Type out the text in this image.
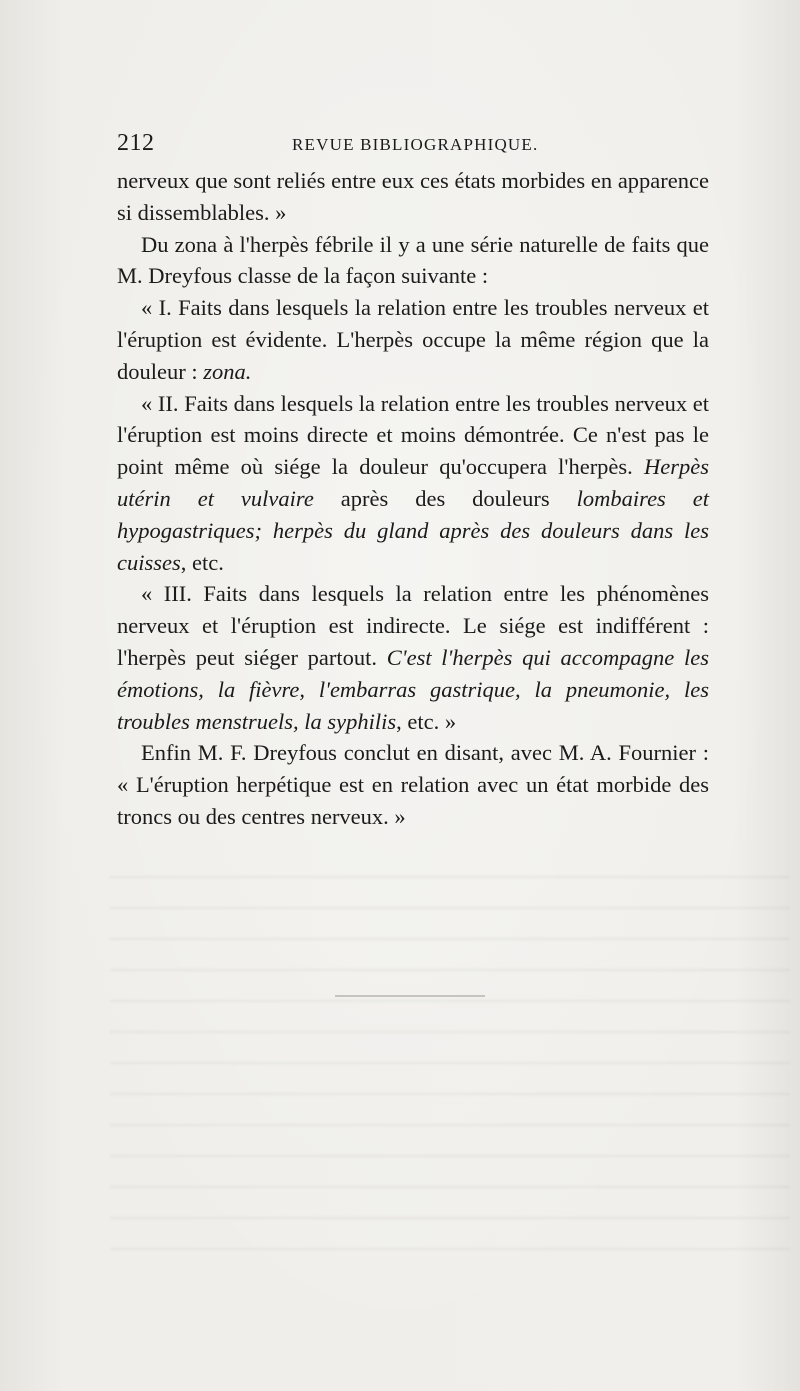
212	REVUE BIBLIOGRAPHIQUE.

nerveux que sont reliés entre eux ces états morbides en apparence si dissemblables. »

Du zona à l'herpès fébrile il y a une série naturelle de faits que M. Dreyfous classe de la façon suivante :

« I. Faits dans lesquels la relation entre les troubles nerveux et l'éruption est évidente. L'herpès occupe la même région que la douleur : zona.

« II. Faits dans lesquels la relation entre les troubles nerveux et l'éruption est moins directe et moins démontrée. Ce n'est pas le point même où siége la douleur qu'occupera l'herpès. Herpès utérin et vulvaire après des douleurs lombaires et hypogastriques; herpès du gland après des douleurs dans les cuisses, etc.

« III. Faits dans lesquels la relation entre les phénomènes nerveux et l'éruption est indirecte. Le siége est indifférent : l'herpès peut siéger partout. C'est l'herpès qui accompagne les émotions, la fièvre, l'embarras gastrique, la pneumonie, les troubles menstruels, la syphilis, etc. »

Enfin M. F. Dreyfous conclut en disant, avec M. A. Fournier : « L'éruption herpétique est en relation avec un état morbide des troncs ou des centres nerveux. »
